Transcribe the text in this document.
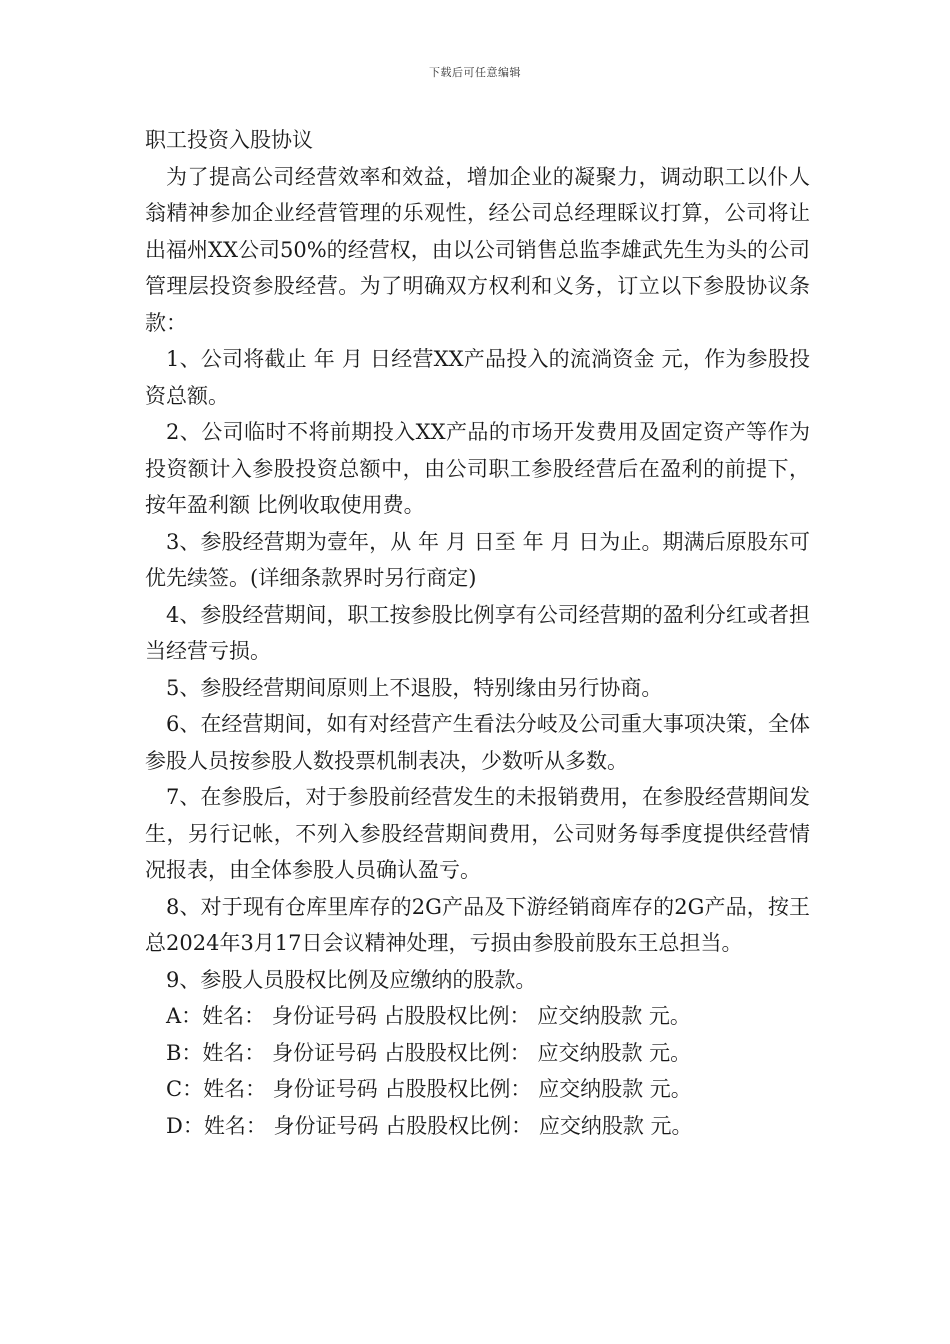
下载后可任意编辑
职工投资入股协议

为了提高公司经营效率和效益，增加企业的凝聚力，调动职工以仆人翁精神参加企业经营管理的乐观性，经公司总经理睬议打算，公司将让出福州XX公司50%的经营权，由以公司销售总监李雄武先生为头的公司管理层投资参股经营。为了明确双方权利和义务，订立以下参股协议条款：

1、公司将截止 年 月 日经营XX产品投入的流淌资金 元，作为参股投资总额。

2、公司临时不将前期投入XX产品的市场开发费用及固定资产等作为投资额计入参股投资总额中，由公司职工参股经营后在盈利的前提下，按年盈利额 比例收取使用费。

3、参股经营期为壹年，从 年 月 日至 年 月 日为止。期满后原股东可优先续签。(详细条款界时另行商定)

4、参股经营期间，职工按参股比例享有公司经营期的盈利分红或者担当经营亏损。

5、参股经营期间原则上不退股，特别缘由另行协商。

6、在经营期间，如有对经营产生看法分岐及公司重大事项决策，全体参股人员按参股人数投票机制表决，少数听从多数。

7、在参股后，对于参股前经营发生的未报销费用，在参股经营期间发生，另行记帐，不列入参股经营期间费用，公司财务每季度提供经营情况报表，由全体参股人员确认盈亏。

8、对于现有仓库里库存的2G产品及下游经销商库存的2G产品，按王总2024年3月17日会议精神处理，亏损由参股前股东王总担当。

9、参股人员股权比例及应缴纳的股款。

A：姓名： 身份证号码 占股股权比例： 应交纳股款 元。

B：姓名： 身份证号码 占股股权比例： 应交纳股款 元。

C：姓名： 身份证号码 占股股权比例： 应交纳股款 元。

D：姓名： 身份证号码 占股股权比例： 应交纳股款 元。
